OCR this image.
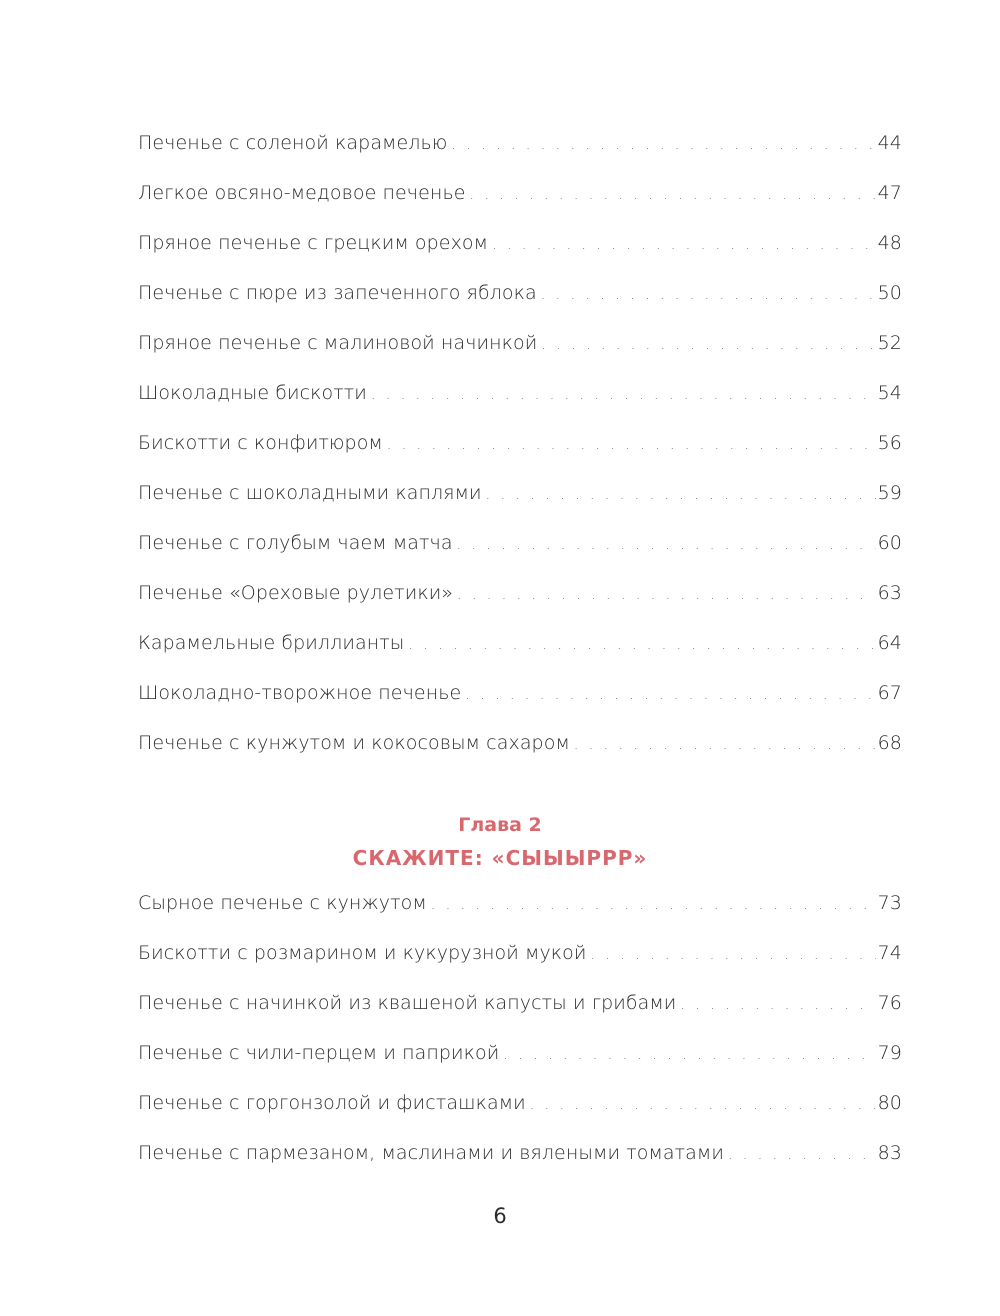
Печенье с соленой карамелью . . .	44
Легкое овсяно-медовое печенье . . .	47
Пряное печенье с грецким орехом . . .	48
Печенье с пюре из запеченного яблока . . .	50
Пряное печенье с малиновой начинкой . . .	52
Шоколадные бискотти . . .	54
Бискотти с конфитюром . . .	56
Печенье с шоколадными каплями . . .	59
Печенье с голубым чаем матча . . .	60
Печенье «Ореховые рулетики» . . .	63
Карамельные бриллианты . . .	64
Шоколадно-творожное печенье . . .	67
Печенье с кунжутом и кокосовым сахаром . . .	68
Глава 2
СКАЖИТЕ: «СЫЫЫРРР»
Сырное печенье с кунжутом . . .	73
Бискотти с розмарином и кукурузной мукой . . .	74
Печенье с начинкой из квашеной капусты и грибами . . .	76
Печенье с чили-перцем и паприкой . . .	79
Печенье с горгонзолой и фисташками . . .	80
Печенье с пармезаном, маслинами и вялеными томатами . . .	83
6
